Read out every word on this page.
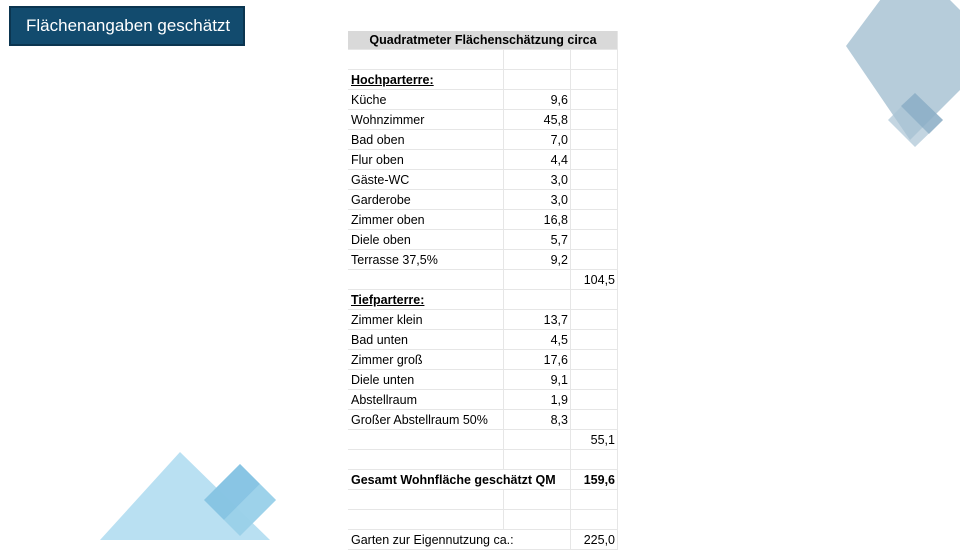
Flächenangaben geschätzt
Quadratmeter Flächenschätzung circa		

Hochparterre:		
Küche	9,6	
Wohnzimmer	45,8	
Bad oben	7,0	
Flur oben	4,4	
Gäste-WC	3,0	
Garderobe	3,0	
Zimmer oben	16,8	
Diele oben	5,7	
Terrasse 37,5%	9,2	
		104,5
Tiefparterre:		
Zimmer klein	13,7	
Bad unten	4,5	
Zimmer groß	17,6	
Diele unten	9,1	
Abstellraum	1,9	
Großer Abstellraum 50%	8,3	
		55,1

Gesamt Wohnfläche geschätzt QM		159,6

Garten zur Eigennutzung ca.:		225,0
